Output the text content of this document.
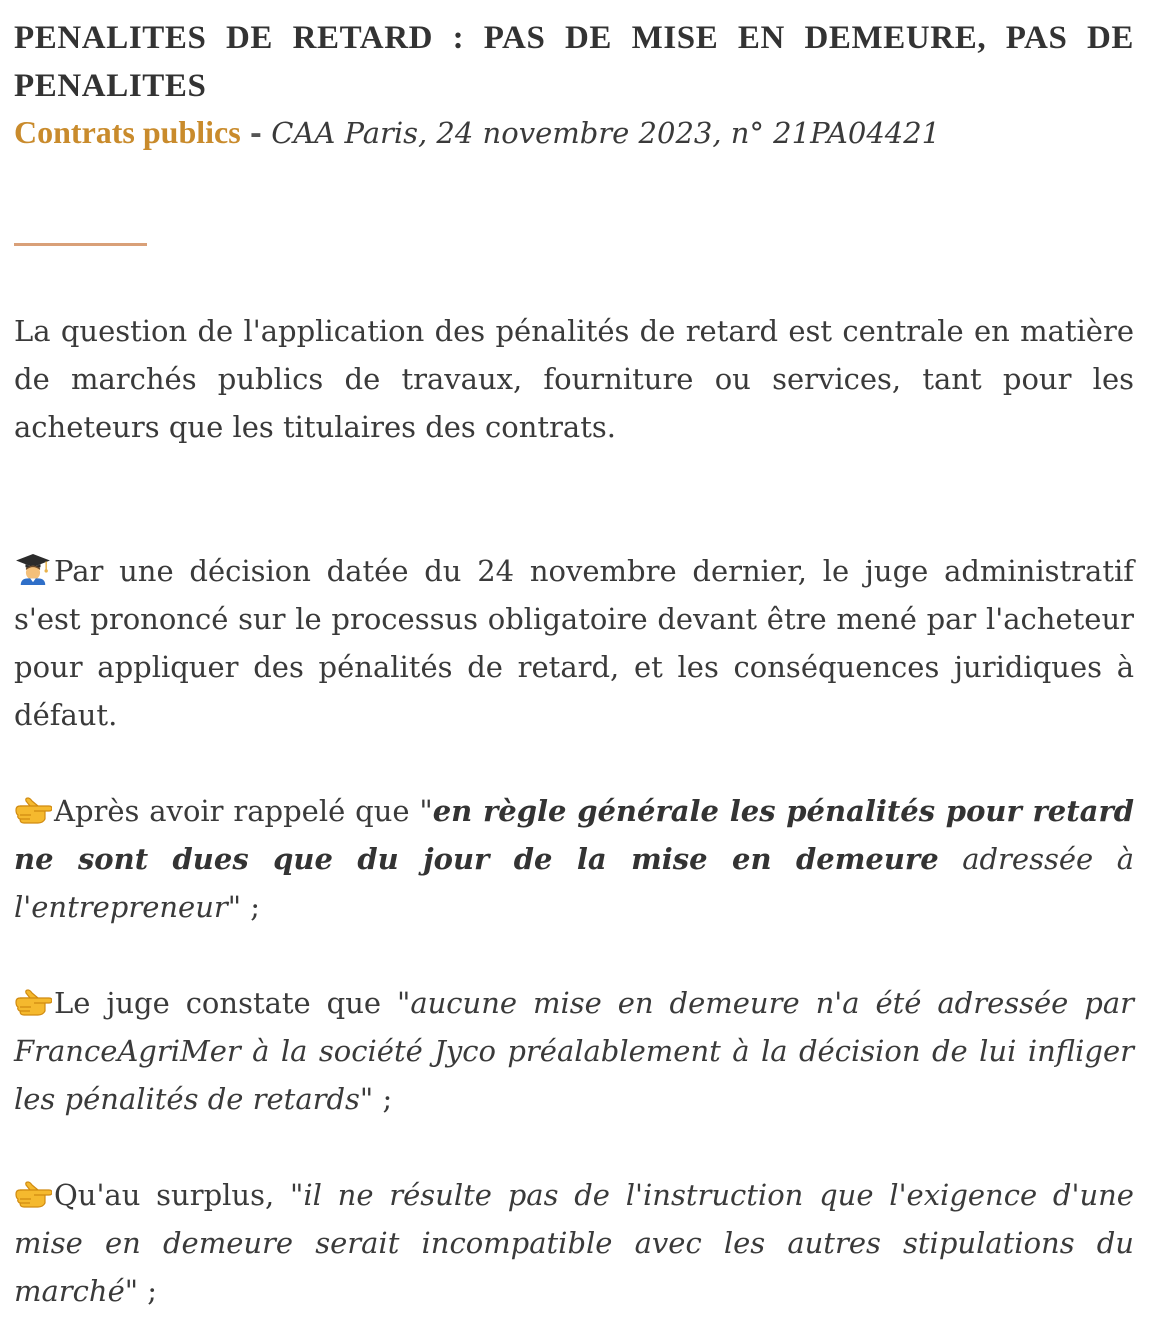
PENALITES DE RETARD : PAS DE MISE EN DEMEURE, PAS DE PENALITES

Contrats publics - CAA Paris, 24 novembre 2023, n° 21PA04421

La question de l'application des pénalités de retard est centrale en matière de marchés publics de travaux, fourniture ou services, tant pour les acheteurs que les titulaires des contrats.

Par une décision datée du 24 novembre dernier, le juge administratif s'est prononcé sur le processus obligatoire devant être mené par l'acheteur pour appliquer des pénalités de retard, et les conséquences juridiques à défaut.

Après avoir rappelé que "en règle générale les pénalités pour retard ne sont dues que du jour de la mise en demeure adressée à l'entrepreneur" ;

Le juge constate que "aucune mise en demeure n'a été adressée par FranceAgriMer à la société Jyco préalablement à la décision de lui infliger les pénalités de retards" ;

Qu'au surplus, "il ne résulte pas de l'instruction que l'exigence d'une mise en demeure serait incompatible avec les autres stipulations du marché" ;
